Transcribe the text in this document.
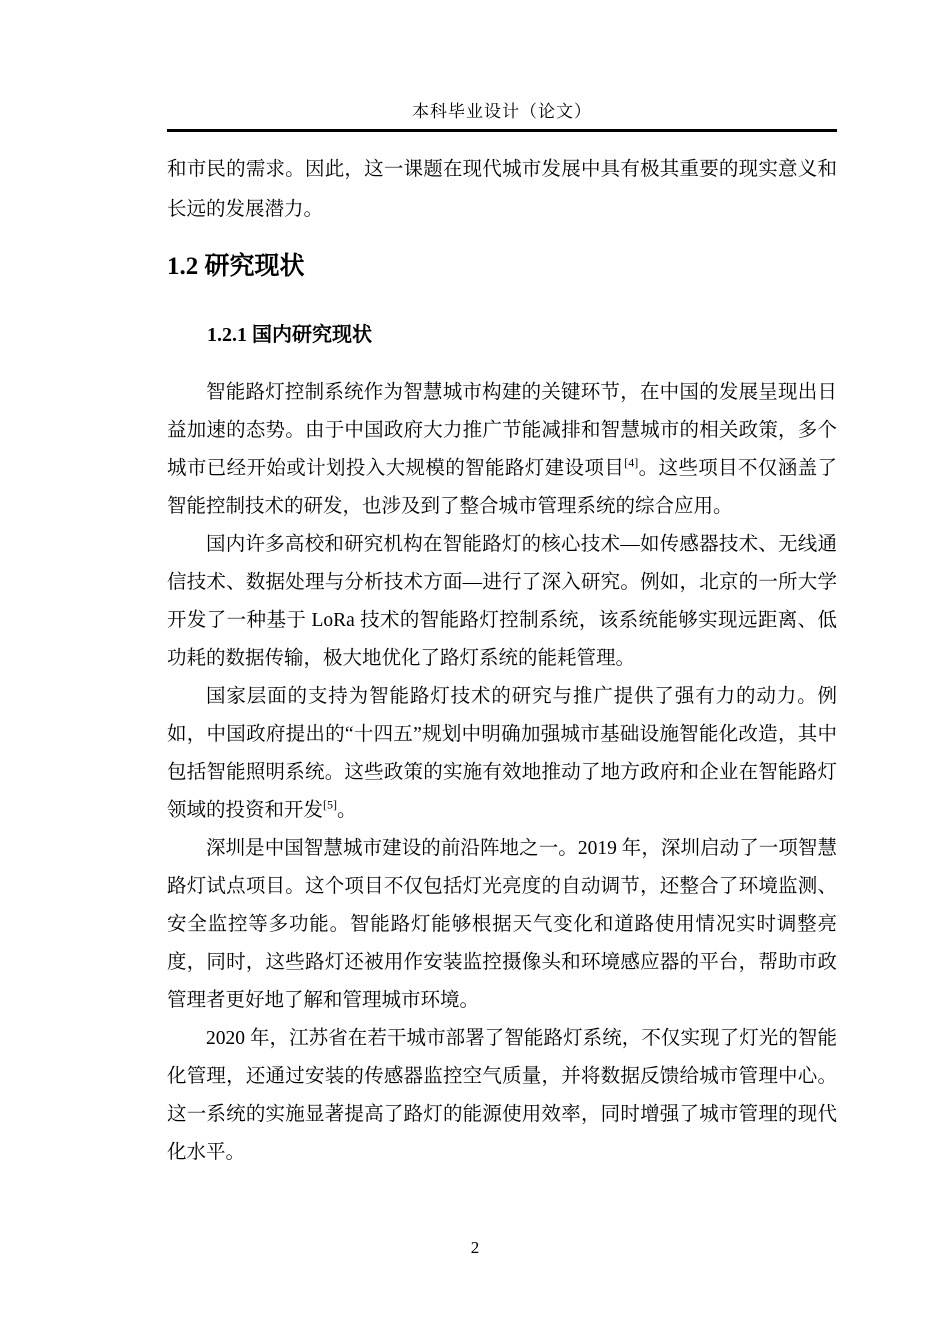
本科毕业设计（论文）

和市民的需求。因此，这一课题在现代城市发展中具有极其重要的现实意义和长远的发展潜力。

1.2 研究现状
1.2.1 国内研究现状

智能路灯控制系统作为智慧城市构建的关键环节，在中国的发展呈现出日益加速的态势。由于中国政府大力推广节能减排和智慧城市的相关政策，多个城市已经开始或计划投入大规模的智能路灯建设项目[4]。这些项目不仅涵盖了智能控制技术的研发，也涉及到了整合城市管理系统的综合应用。

国内许多高校和研究机构在智能路灯的核心技术—如传感器技术、无线通信技术、数据处理与分析技术方面—进行了深入研究。例如，北京的一所大学开发了一种基于 LoRa 技术的智能路灯控制系统，该系统能够实现远距离、低功耗的数据传输，极大地优化了路灯系统的能耗管理。

国家层面的支持为智能路灯技术的研究与推广提供了强有力的动力。例如，中国政府提出的“十四五”规划中明确加强城市基础设施智能化改造，其中包括智能照明系统。这些政策的实施有效地推动了地方政府和企业在智能路灯领域的投资和开发[5]。

深圳是中国智慧城市建设的前沿阵地之一。2019 年，深圳启动了一项智慧路灯试点项目。这个项目不仅包括灯光亮度的自动调节，还整合了环境监测、安全监控等多功能。智能路灯能够根据天气变化和道路使用情况实时调整亮度，同时，这些路灯还被用作安装监控摄像头和环境感应器的平台，帮助市政管理者更好地了解和管理城市环境。

2020 年，江苏省在若干城市部署了智能路灯系统，不仅实现了灯光的智能化管理，还通过安装的传感器监控空气质量，并将数据反馈给城市管理中心。这一系统的实施显著提高了路灯的能源使用效率，同时增强了城市管理的现代化水平。

2
